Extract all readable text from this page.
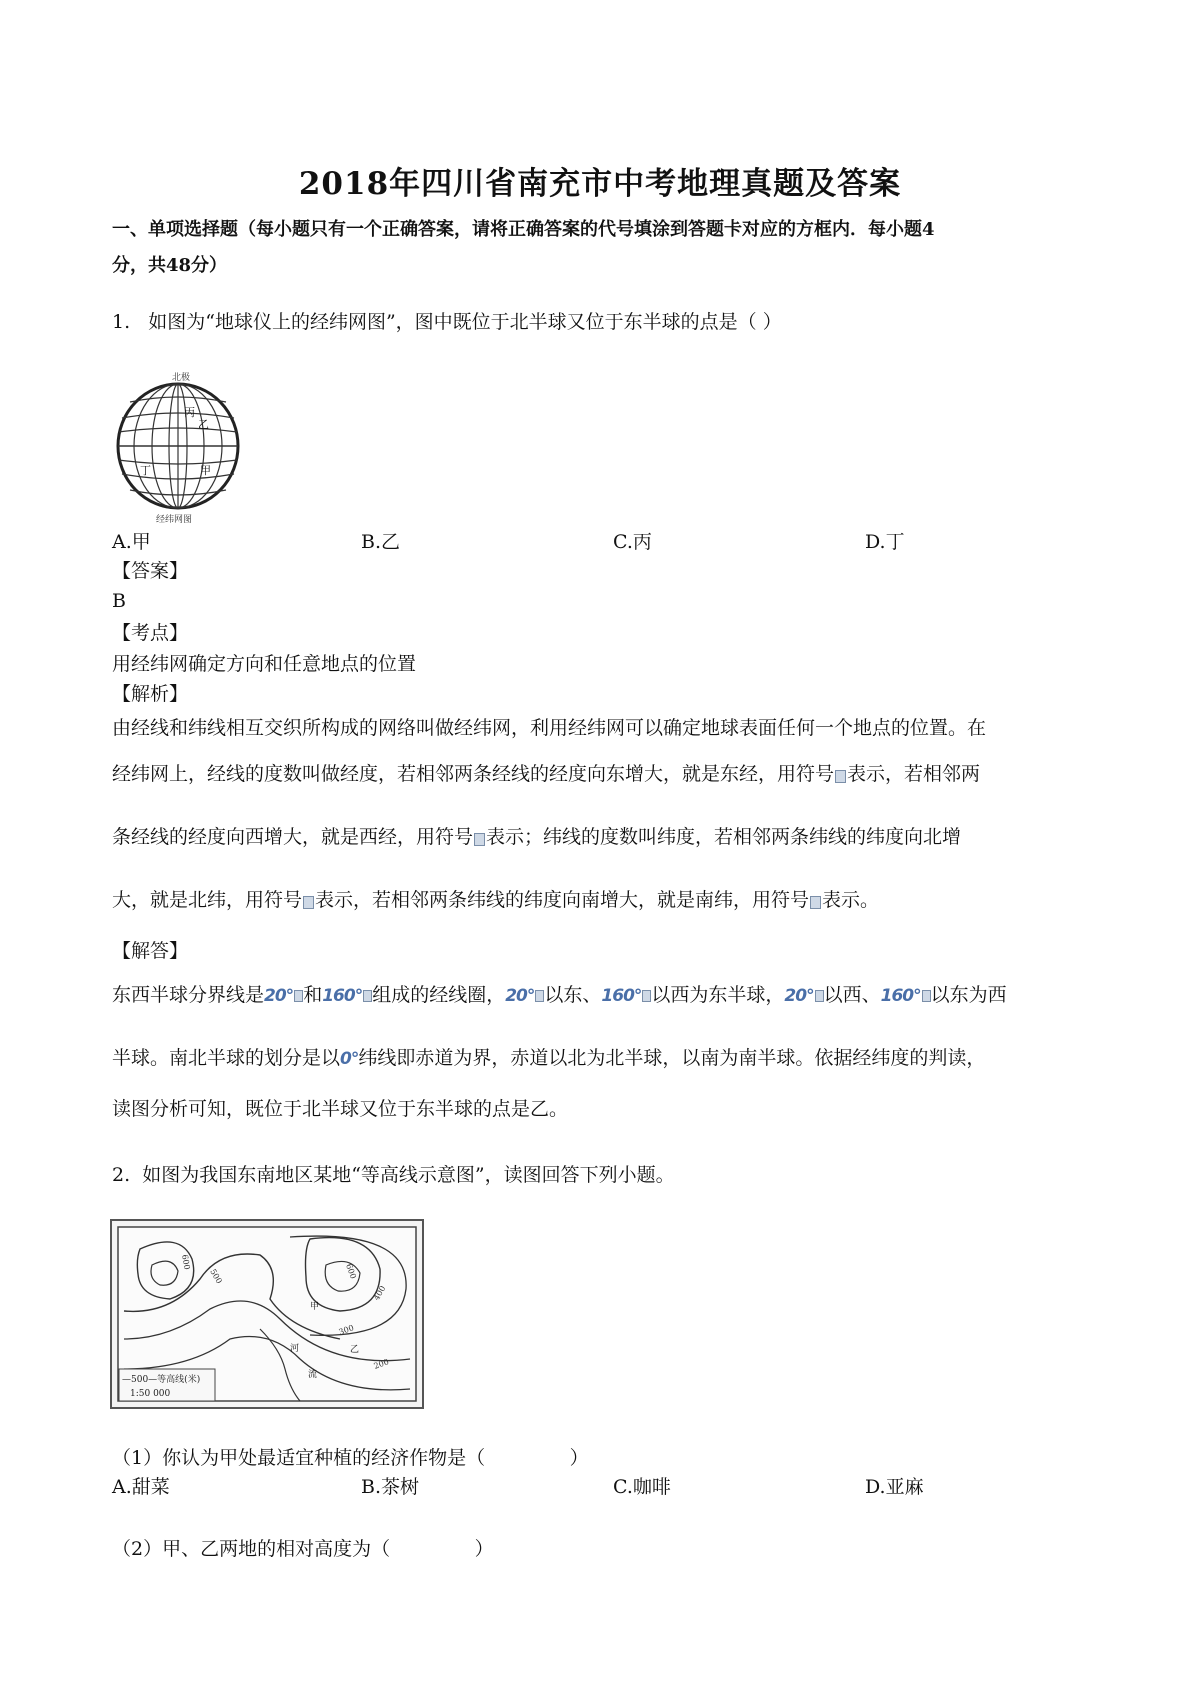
2018年四川省南充市中考地理真题及答案
一、单项选择题（每小题只有一个正确答案，请将正确答案的代号填涂到答题卡对应的方框内．每小题4
分，共48分）
1.   如图为“地球仪上的经纬网图”，图中既位于北半球又位于东半球的点是（ ）
北极
丙
乙
丁	甲
经纬网图
A.甲	B.乙	C.丙	D.丁
【答案】
B
【考点】
用经纬网确定方向和任意地点的位置
【解析】
由经线和纬线相互交织所构成的网络叫做经纬网，利用经纬网可以确定地球表面任何一个地点的位置。在
经纬网上，经线的度数叫做经度，若相邻两条经线的经度向东增大，就是东经，用符号 表示，若相邻两
条经线的经度向西增大，就是西经，用符号 表示；纬线的度数叫纬度，若相邻两条纬线的纬度向北增
大，就是北纬，用符号 表示，若相邻两条纬线的纬度向南增大，就是南纬，用符号 表示。
【解答】
东西半球分界线是20° 和160° 组成的经线圈，20° 以东、160° 以西为东半球，20° 以西、160° 以东为西
半球。南北半球的划分是以0°纬线即赤道为界，赤道以北为北半球，以南为南半球。依据经纬度的判读，
读图分析可知，既位于北半球又位于东半球的点是乙。
2.  如图为我国东南地区某地“等高线示意图”，读图回答下列小题。
—500—等高线(米)
1:50 000
600
500	600
400
300
200
甲
乙
河
流
（1）你认为甲处最适宜种植的经济作物是（              ）
A.甜菜	B.茶树	C.咖啡	D.亚麻
（2）甲、乙两地的相对高度为（              ）
